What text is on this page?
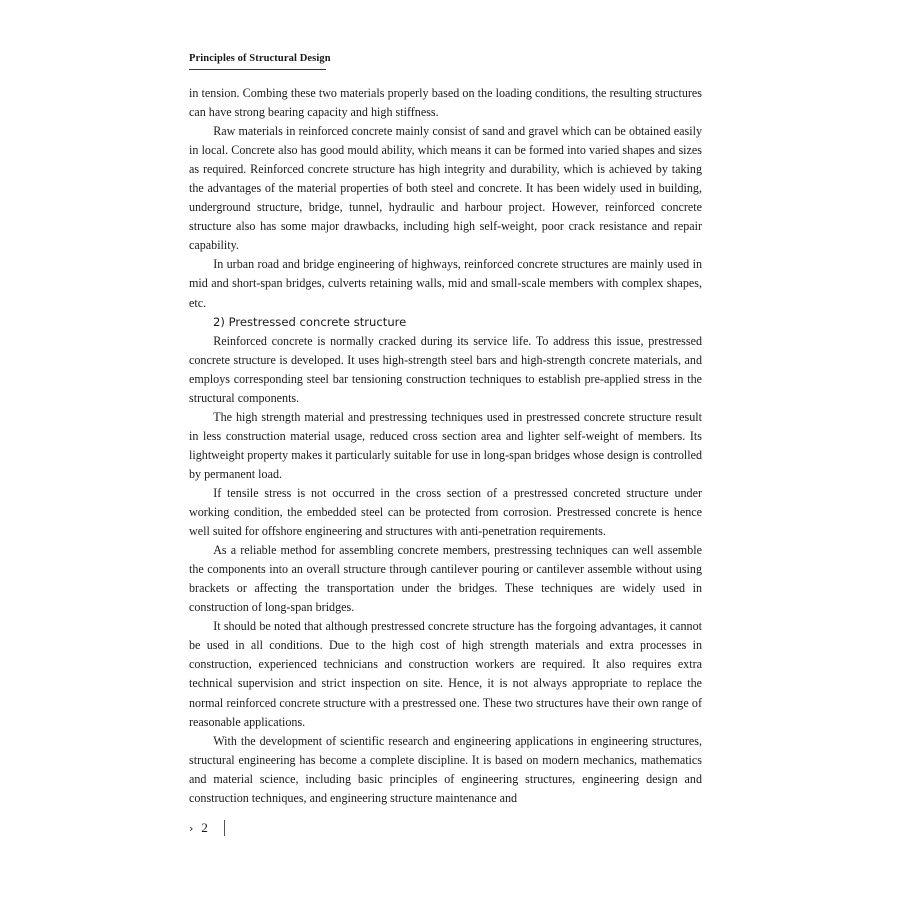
Principles of Structural Design

in tension. Combing these two materials properly based on the loading conditions, the resulting structures can have strong bearing capacity and high stiffness.

Raw materials in reinforced concrete mainly consist of sand and gravel which can be obtained easily in local. Concrete also has good mould ability, which means it can be formed into varied shapes and sizes as required. Reinforced concrete structure has high integrity and durability, which is achieved by taking the advantages of the material properties of both steel and concrete. It has been widely used in building, underground structure, bridge, tunnel, hydraulic and harbour project. However, reinforced concrete structure also has some major drawbacks, including high self-weight, poor crack resistance and repair capability.

In urban road and bridge engineering of highways, reinforced concrete structures are mainly used in mid and short-span bridges, culverts retaining walls, mid and small-scale members with complex shapes, etc.

2) Prestressed concrete structure

Reinforced concrete is normally cracked during its service life. To address this issue, prestressed concrete structure is developed. It uses high-strength steel bars and high-strength concrete materials, and employs corresponding steel bar tensioning construction techniques to establish pre-applied stress in the structural components.

The high strength material and prestressing techniques used in prestressed concrete structure result in less construction material usage, reduced cross section area and lighter self-weight of members. Its lightweight property makes it particularly suitable for use in long-span bridges whose design is controlled by permanent load.

If tensile stress is not occurred in the cross section of a prestressed concreted structure under working condition, the embedded steel can be protected from corrosion. Prestressed concrete is hence well suited for offshore engineering and structures with anti-penetration requirements.

As a reliable method for assembling concrete members, prestressing techniques can well assemble the components into an overall structure through cantilever pouring or cantilever assemble without using brackets or affecting the transportation under the bridges. These techniques are widely used in construction of long-span bridges.

It should be noted that although prestressed concrete structure has the forgoing advantages, it cannot be used in all conditions. Due to the high cost of high strength materials and extra processes in construction, experienced technicians and construction workers are required. It also requires extra technical supervision and strict inspection on site. Hence, it is not always appropriate to replace the normal reinforced concrete structure with a prestressed one. These two structures have their own range of reasonable applications.

With the development of scientific research and engineering applications in engineering structures, structural engineering has become a complete discipline. It is based on modern mechanics, mathematics and material science, including basic principles of engineering structures, engineering design and construction techniques, and engineering structure maintenance and

› 2
